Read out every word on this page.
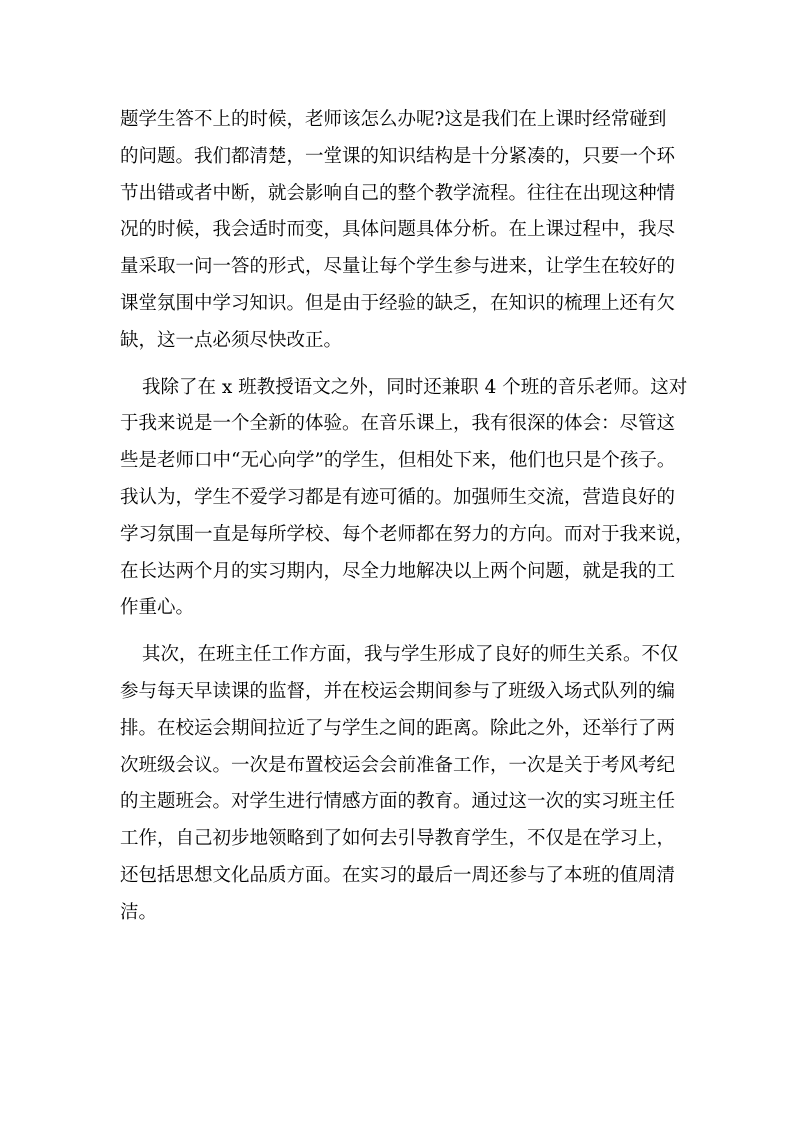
题学生答不上的时候，老师该怎么办呢?这是我们在上课时经常碰到
的问题。我们都清楚，一堂课的知识结构是十分紧凑的，只要一个环
节出错或者中断，就会影响自己的整个教学流程。往往在出现这种情
况的时候，我会适时而变，具体问题具体分析。在上课过程中，我尽
量采取一问一答的形式，尽量让每个学生参与进来，让学生在较好的
课堂氛围中学习知识。但是由于经验的缺乏，在知识的梳理上还有欠
缺，这一点必须尽快改正。
我除了在 x 班教授语文之外，同时还兼职 4 个班的音乐老师。这对
于我来说是一个全新的体验。在音乐课上，我有很深的体会：尽管这
些是老师口中“无心向学”的学生，但相处下来，他们也只是个孩子。
我认为，学生不爱学习都是有迹可循的。加强师生交流，营造良好的
学习氛围一直是每所学校、每个老师都在努力的方向。而对于我来说，
在长达两个月的实习期内，尽全力地解决以上两个问题，就是我的工
作重心。
其次，在班主任工作方面，我与学生形成了良好的师生关系。不仅
参与每天早读课的监督，并在校运会期间参与了班级入场式队列的编
排。在校运会期间拉近了与学生之间的距离。除此之外，还举行了两
次班级会议。一次是布置校运会会前准备工作，一次是关于考风考纪
的主题班会。对学生进行情感方面的教育。通过这一次的实习班主任
工作，自己初步地领略到了如何去引导教育学生，不仅是在学习上，
还包括思想文化品质方面。在实习的最后一周还参与了本班的值周清
洁。
